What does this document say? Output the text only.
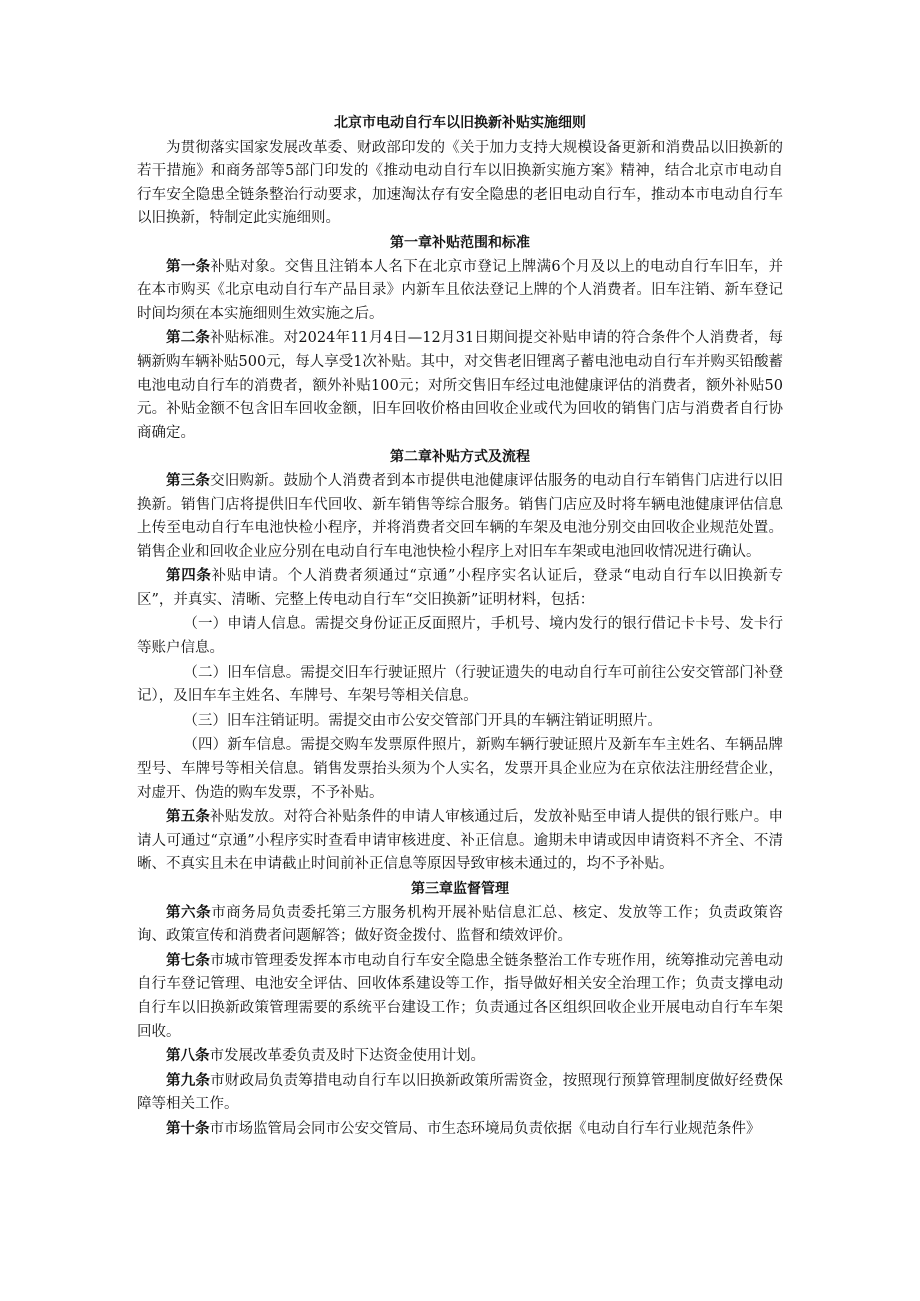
北京市电动自行车以旧换新补贴实施细则

为贯彻落实国家发展改革委、财政部印发的《关于加力支持大规模设备更新和消费品以旧换新的若干措施》和商务部等5部门印发的《推动电动自行车以旧换新实施方案》精神，结合北京市电动自行车安全隐患全链条整治行动要求，加速淘汰存有安全隐患的老旧电动自行车，推动本市电动自行车以旧换新，特制定此实施细则。

第一章补贴范围和标准

第一条补贴对象。交售且注销本人名下在北京市登记上牌满6个月及以上的电动自行车旧车，并在本市购买《北京电动自行车产品目录》内新车且依法登记上牌的个人消费者。旧车注销、新车登记时间均须在本实施细则生效实施之后。

第二条补贴标准。对2024年11月4日—12月31日期间提交补贴申请的符合条件个人消费者，每辆新购车辆补贴500元，每人享受1次补贴。其中，对交售老旧锂离子蓄电池电动自行车并购买铅酸蓄电池电动自行车的消费者，额外补贴100元；对所交售旧车经过电池健康评估的消费者，额外补贴50元。补贴金额不包含旧车回收金额，旧车回收价格由回收企业或代为回收的销售门店与消费者自行协商确定。

第二章补贴方式及流程

第三条交旧购新。鼓励个人消费者到本市提供电池健康评估服务的电动自行车销售门店进行以旧换新。销售门店将提供旧车代回收、新车销售等综合服务。销售门店应及时将车辆电池健康评估信息上传至电动自行车电池快检小程序，并将消费者交回车辆的车架及电池分别交由回收企业规范处置。销售企业和回收企业应分别在电动自行车电池快检小程序上对旧车车架或电池回收情况进行确认。

第四条补贴申请。个人消费者须通过“京通”小程序实名认证后，登录“电动自行车以旧换新专区”，并真实、清晰、完整上传电动自行车“交旧换新”证明材料，包括：

（一）申请人信息。需提交身份证正反面照片，手机号、境内发行的银行借记卡卡号、发卡行等账户信息。

（二）旧车信息。需提交旧车行驶证照片（行驶证遗失的电动自行车可前往公安交管部门补登记），及旧车车主姓名、车牌号、车架号等相关信息。

（三）旧车注销证明。需提交由市公安交管部门开具的车辆注销证明照片。

（四）新车信息。需提交购车发票原件照片，新购车辆行驶证照片及新车车主姓名、车辆品牌型号、车牌号等相关信息。销售发票抬头须为个人实名，发票开具企业应为在京依法注册经营企业，对虚开、伪造的购车发票，不予补贴。

第五条补贴发放。对符合补贴条件的申请人审核通过后，发放补贴至申请人提供的银行账户。申请人可通过“京通”小程序实时查看申请审核进度、补正信息。逾期未申请或因申请资料不齐全、不清晰、不真实且未在申请截止时间前补正信息等原因导致审核未通过的，均不予补贴。

第三章监督管理

第六条市商务局负责委托第三方服务机构开展补贴信息汇总、核定、发放等工作；负责政策咨询、政策宣传和消费者问题解答；做好资金拨付、监督和绩效评价。

第七条市城市管理委发挥本市电动自行车安全隐患全链条整治工作专班作用，统筹推动完善电动自行车登记管理、电池安全评估、回收体系建设等工作，指导做好相关安全治理工作；负责支撑电动自行车以旧换新政策管理需要的系统平台建设工作；负责通过各区组织回收企业开展电动自行车车架回收。

第八条市发展改革委负责及时下达资金使用计划。

第九条市财政局负责筹措电动自行车以旧换新政策所需资金，按照现行预算管理制度做好经费保障等相关工作。

第十条市市场监管局会同市公安交管局、市生态环境局负责依据《电动自行车行业规范条件》
